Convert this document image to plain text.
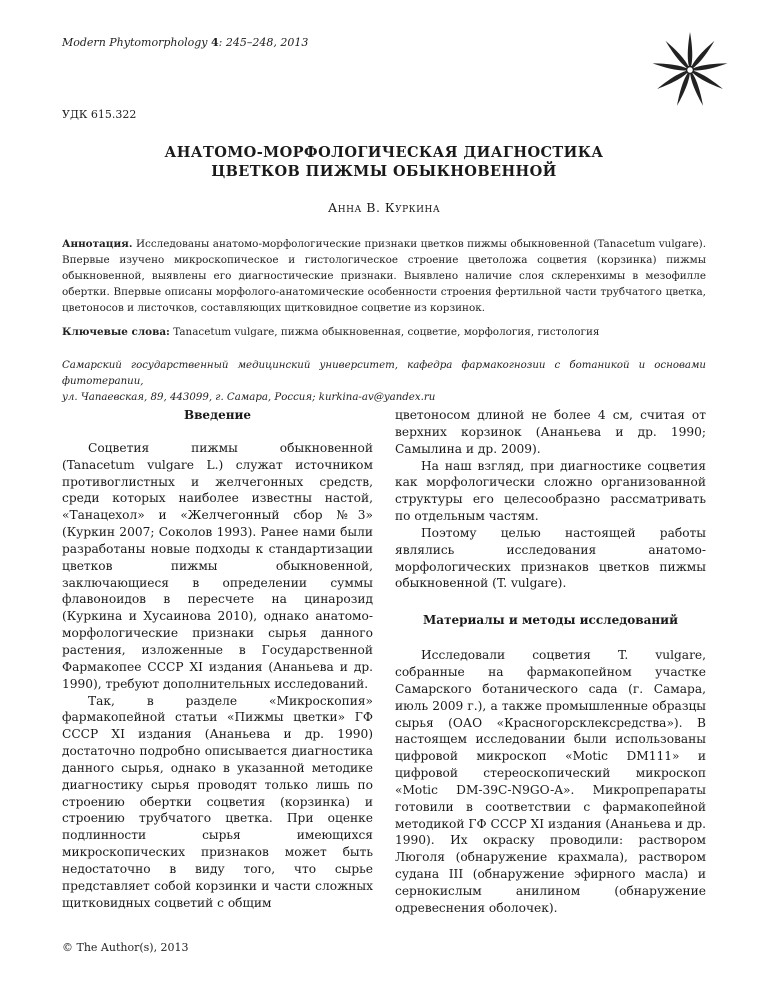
Modern Phytomorphology 4: 245–248, 2013
УДК 615.322
АНАТОМО-МОРФОЛОГИЧЕСКАЯ ДИАГНОСТИКА
ЦВЕТКОВ ПИЖМЫ ОБЫКНОВЕННОЙ
Анна В. Куркина
Аннотация. Исследованы анатомо-морфологические признаки цветков пижмы обыкновенной (Tanacetum vulgare). Впервые изучено микроскопическое и гистологическое строение цветоложа соцветия (корзинка) пижмы обыкновенной, выявлены его диагностические признаки. Выявлено наличие слоя склеренхимы в мезофилле обертки. Впервые описаны морфолого-анатомические особенности строения фертильной части трубчатого цветка, цветоносов и листочков, составляющих щитковидное соцветие из корзинок.
Ключевые слова: Tanacetum vulgare, пижма обыкновенная, соцветие, морфология, гистология
Самарский государственный медицинский университет, кафедра фармакогнозии с ботаникой и основами фитотерапии,
ул. Чапаевская, 89, 443099, г. Самара, Россия; kurkina-av@yandex.ru

Введение

Соцветия пижмы обыкновенной (Tanacetum vulgare L.) служат источником противоглистных и желчегонных средств, среди которых наиболее известны настой, «Танацехол» и «Желчегонный сбор №3» (Куркин 2007; Соколов 1993). Ранее нами были разработаны новые подходы к стандартизации цветков пижмы обыкновенной, заключающиеся в определении суммы флавоноидов в пересчете на цинарозид (Куркина и Хусаинова 2010), однако анатомо-морфологические признаки сырья данного растения, изложенные в Государственной Фармакопее СССР XI издания (Ананьева и др. 1990), требуют дополнительных исследований.

Так, в разделе «Микроскопия» фармакопейной статьи «Пижмы цветки» ГФ СССР XI издания (Ананьева и др. 1990) достаточно подробно описывается диагностика данного сырья, однако в указанной методике диагностику сырья проводят только лишь по строению обертки соцветия (корзинка) и строению трубчатого цветка. При оценке подлинности сырья имеющихся микроскопических признаков может быть недостаточно в виду того, что сырье представляет собой корзинки и части сложных щитковидных соцветий с общим

цветоносом длиной не более 4 см, считая от верхних корзинок (Ананьева и др. 1990; Самылина и др. 2009).

На наш взгляд, при диагностике соцветия как морфологически сложно организованной структуры его целесообразно рассматривать по отдельным частям.

Поэтому целью настоящей работы являлись исследования анатомо-морфологических признаков цветков пижмы обыкновенной (T. vulgare).

Материалы и методы исследований

Исследовали соцветия T. vulgare, собранные на фармакопейном участке Самарского ботанического сада (г. Самара, июль 2009 г.), а также промышленные образцы сырья (ОАО «Красногорсклексредства»). В настоящем исследовании были использованы цифровой микроскоп «Motic DM111» и цифровой стереоскопический микроскоп «Motic DM-39C-N9GO-A». Микропрепараты готовили в соответствии с фармакопейной методикой ГФ СССР XI издания (Ананьева и др. 1990). Их окраску проводили: раствором Люголя (обнаружение крахмала), раствором судана III (обнаружение эфирного масла) и сернокислым анилином (обнаружение одревеснения оболочек).

© The Author(s), 2013
